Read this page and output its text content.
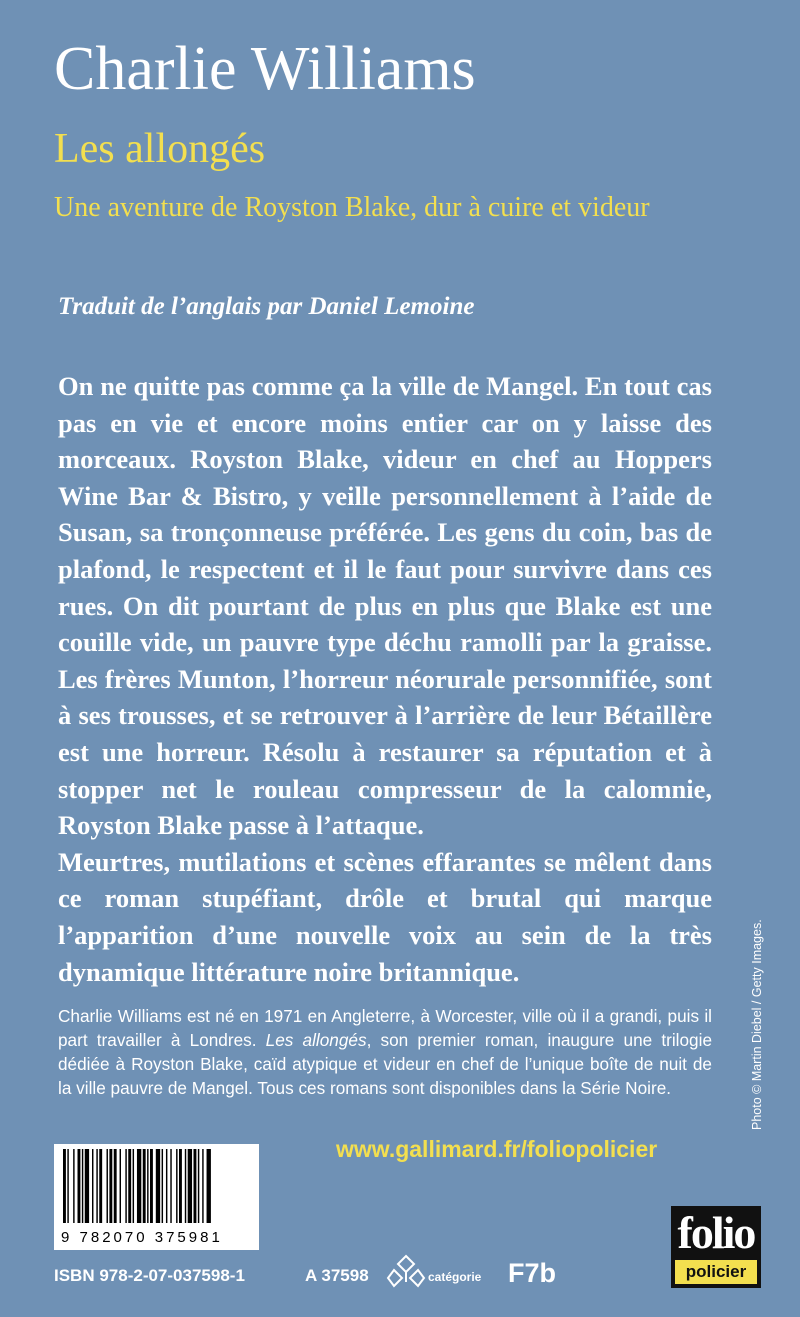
Charlie Williams
Les allongés
Une aventure de Royston Blake, dur à cuire et videur
Traduit de l’anglais par Daniel Lemoine

On ne quitte pas comme ça la ville de Mangel. En tout cas pas en vie et encore moins entier car on y laisse des morceaux. Royston Blake, videur en chef au Hoppers Wine Bar & Bistro, y veille personnellement à l’aide de Susan, sa tronçonneuse préférée. Les gens du coin, bas de plafond, le respectent et il le faut pour survivre dans ces rues. On dit pourtant de plus en plus que Blake est une couille vide, un pauvre type déchu ramolli par la graisse. Les frères Munton, l’horreur néorurale personnifiée, sont à ses trousses, et se retrouver à l’arrière de leur Bétaillère est une horreur. Résolu à restaurer sa réputation et à stopper net le rouleau compresseur de la calomnie, Royston Blake passe à l’attaque.

Meurtres, mutilations et scènes effarantes se mêlent dans ce roman stupéfiant, drôle et brutal qui marque l’apparition d’une nouvelle voix au sein de la très dynamique littérature noire britannique.

Charlie Williams est né en 1971 en Angleterre, à Worcester, ville où il a grandi, puis il part travailler à Londres. Les allongés, son premier roman, inaugure une trilogie dédiée à Royston Blake, caïd atypique et videur en chef de l’unique boîte de nuit de la ville pauvre de Mangel. Tous ces romans sont disponibles dans la Série Noire.
www.gallimard.fr/foliopolicier
Photo © Martin Diebel / Getty Images.
9 782070 375981
ISBN 978-2-07-037598-1	A 37598	catégorie F7b
folio
policier
